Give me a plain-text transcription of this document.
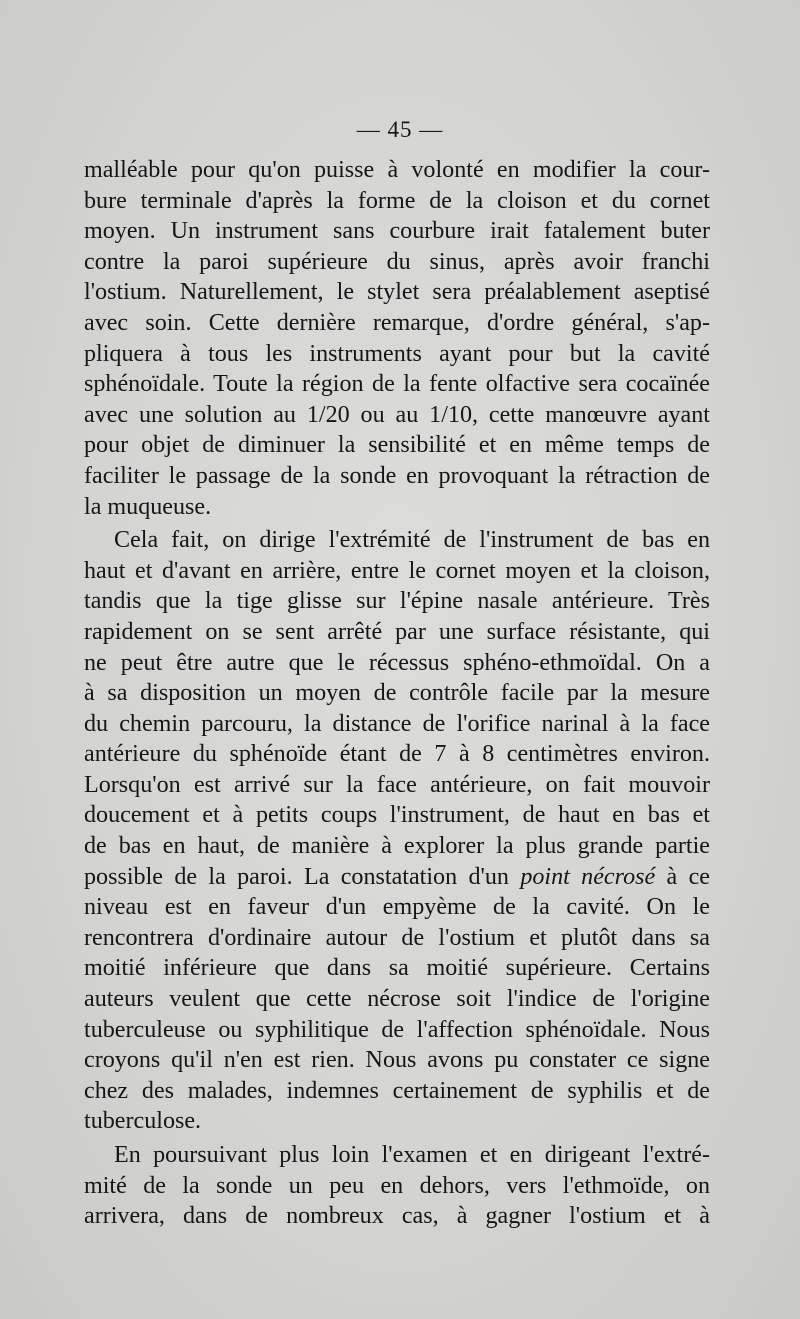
— 45 —
malléable pour qu'on puisse à volonté en modifier la cour-
bure terminale d'après la forme de la cloison et du cornet
moyen. Un instrument sans courbure irait fatalement buter
contre la paroi supérieure du sinus, après avoir franchi
l'ostium. Naturellement, le stylet sera préalablement aseptisé
avec soin. Cette dernière remarque, d'ordre général, s'ap-
pliquera à tous les instruments ayant pour but la cavité
sphénoïdale. Toute la région de la fente olfactive sera cocaïnée
avec une solution au 1/20 ou au 1/10, cette manœuvre ayant
pour objet de diminuer la sensibilité et en même temps de
faciliter le passage de la sonde en provoquant la rétraction de
la muqueuse.
Cela fait, on dirige l'extrémité de l'instrument de bas en
haut et d'avant en arrière, entre le cornet moyen et la cloison,
tandis que la tige glisse sur l'épine nasale antérieure. Très
rapidement on se sent arrêté par une surface résistante, qui
ne peut être autre que le récessus sphéno-ethmoïdal. On a
à sa disposition un moyen de contrôle facile par la mesure
du chemin parcouru, la distance de l'orifice narinal à la face
antérieure du sphénoïde étant de 7 à 8 centimètres environ.
Lorsqu'on est arrivé sur la face antérieure, on fait mouvoir
doucement et à petits coups l'instrument, de haut en bas et
de bas en haut, de manière à explorer la plus grande partie
possible de la paroi. La constatation d'un point nécrosé à ce
niveau est en faveur d'un empyème de la cavité. On le
rencontrera d'ordinaire autour de l'ostium et plutôt dans sa
moitié inférieure que dans sa moitié supérieure. Certains
auteurs veulent que cette nécrose soit l'indice de l'origine
tuberculeuse ou syphilitique de l'affection sphénoïdale. Nous
croyons qu'il n'en est rien. Nous avons pu constater ce signe
chez des malades, indemnes certainement de syphilis et de
tuberculose.
En poursuivant plus loin l'examen et en dirigeant l'extré-
mité de la sonde un peu en dehors, vers l'ethmoïde, on
arrivera, dans de nombreux cas, à gagner l'ostium et à
